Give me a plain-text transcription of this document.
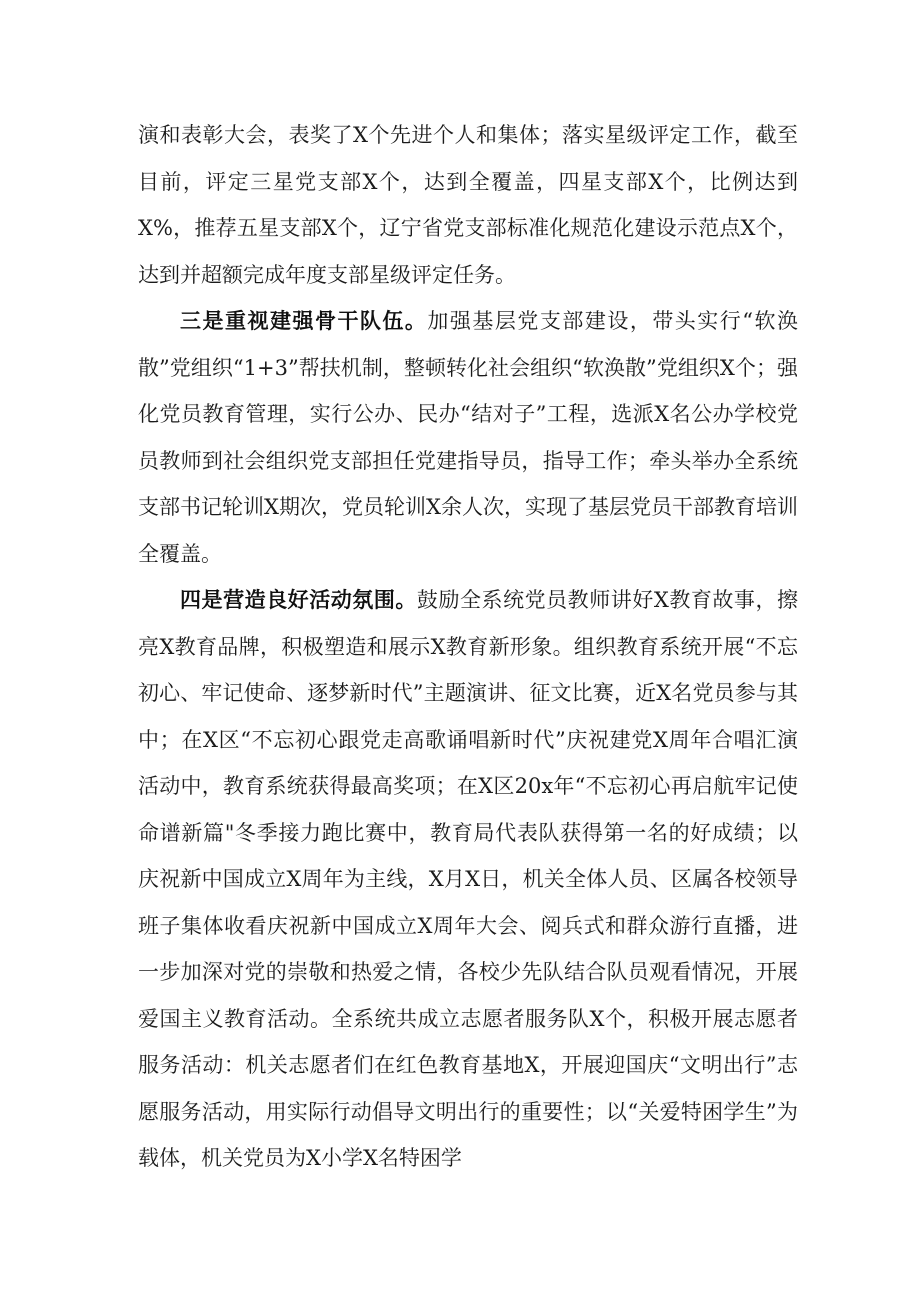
演和表彰大会，表奖了X个先进个人和集体；落实星级评定工作，截至目前，评定三星党支部X个，达到全覆盖，四星支部X个，比例达到X%，推荐五星支部X个，辽宁省党支部标准化规范化建设示范点X个，达到并超额完成年度支部星级评定任务。

三是重视建强骨干队伍。加强基层党支部建设，带头实行“软涣散”党组织“1+3”帮扶机制，整顿转化社会组织“软涣散”党组织X个；强化党员教育管理，实行公办、民办“结对子”工程，选派X名公办学校党员教师到社会组织党支部担任党建指导员，指导工作；牵头举办全系统支部书记轮训X期次，党员轮训X余人次，实现了基层党员干部教育培训全覆盖。

四是营造良好活动氛围。鼓励全系统党员教师讲好X教育故事，擦亮X教育品牌，积极塑造和展示X教育新形象。组织教育系统开展“不忘初心、牢记使命、逐梦新时代”主题演讲、征文比赛，近X名党员参与其中；在X区“不忘初心跟党走高歌诵唱新时代”庆祝建党X周年合唱汇演活动中，教育系统获得最高奖项；在X区20x年“不忘初心再启航牢记使命谱新篇"冬季接力跑比赛中，教育局代表队获得第一名的好成绩；以庆祝新中国成立X周年为主线，X月X日，机关全体人员、区属各校领导班子集体收看庆祝新中国成立X周年大会、阅兵式和群众游行直播，进一步加深对党的崇敬和热爱之情，各校少先队结合队员观看情况，开展爱国主义教育活动。全系统共成立志愿者服务队X个，积极开展志愿者服务活动：机关志愿者们在红色教育基地X，开展迎国庆“文明出行”志愿服务活动，用实际行动倡导文明出行的重要性；以“关爱特困学生”为载体，机关党员为X小学X名特困学
